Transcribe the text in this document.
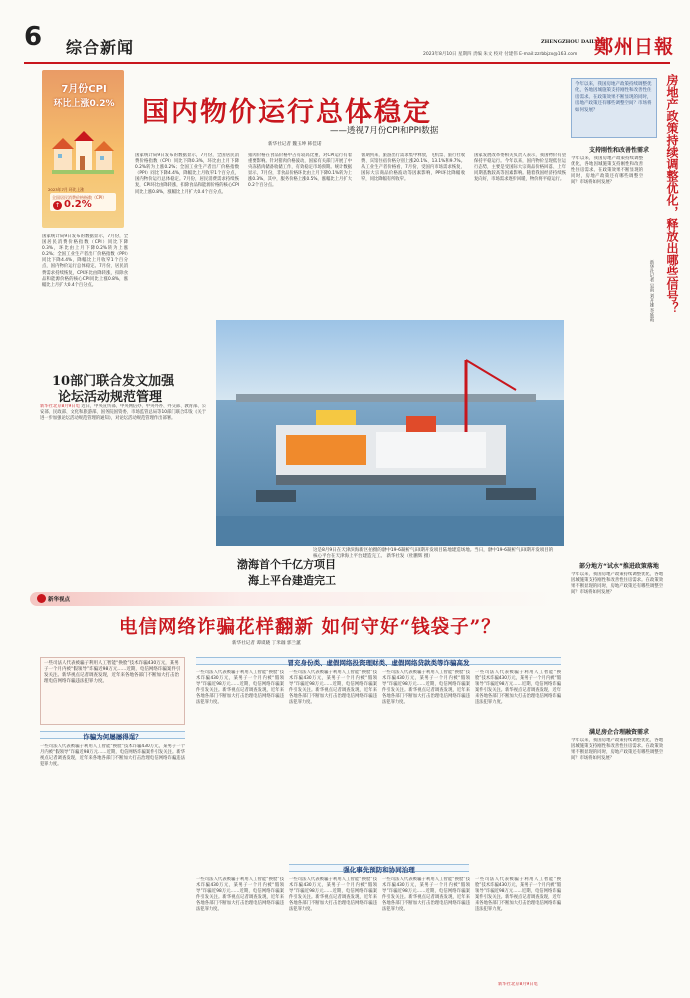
6 综合新闻	ZHENGZHOU DAILY
鄭州日報
2023年8月10日 星期四 责编 朱文 校对 付建伟 E-mail:zzrbbjzx@163.com
7月份CPI
环比上涨0.2%
2023年7月 环比上涨
全国居民消费价格指数（CPI）
↑ 0.2%
国内物价运行总体稳定
——透视7月份CPI和PPI数据
新华社记者 魏玉坤 韩佳诺
国家统计局9日发布的数据显示，7月份，全国居民消费价格指数（CPI）同比下降0.3%，环比由上月下降0.2%转为上涨0.2%；全国工业生产者出厂价格指数（PPI）同比下降4.4%，降幅比上月收窄1个百分点，国内物价运行总体稳定。7月份，居民消费需求持续恢复，CPI环比由降转涨，扣除食品和能源价格的核心CPI同比上涨0.8%，涨幅比上月扩大0.4个百分点。
猪肉价格在食品价格中占有较高比重，对CPI运行有着重要影响。针对猪肉价格波动，国家有关部门开展了中央冻猪肉储备收储工作，有效稳定市场预期。统计数据显示，7月份，非食品价格环比由上月下降0.1%转为上涨0.3%，其中，服务价格上涨0.5%，涨幅比上月扩大0.2个百分点。
暑期到来，旅游出行需求集中释放，飞机票、旅行社收费、宾馆住宿价格分别上涨20.1%、13.1%和9.7%。从工业生产者价格看，7月份，受国内市场需求恢复、国际大宗商品价格波动等因素影响，PPI环比降幅收窄，同比降幅有所收窄。
国家发展改革委相关负责人表示，我国物价有望保持平稳运行。今年以来，国内物价呈现低位运行态势，主要是受国际大宗商品价格回落、上年同期基数较高等因素影响。随着我国经济持续恢复向好，市场需求逐步回暖，物价将平稳运行。
国家统计局9日发布的数据显示，7月份，全国居民消费价格指数（CPI）同比下降0.3%，环比由上月下降0.2%转为上涨0.2%；全国工业生产者出厂价格指数（PPI）同比下降4.4%，降幅比上月收窄1个百分点，国内物价运行总体稳定。7月份，居民消费需求持续恢复，CPI环比由降转涨，扣除食品和能源价格的核心CPI同比上涨0.8%，涨幅比上月扩大0.4个百分点。	房地产政策持续调整优化，释放出哪些信号？
新华社记者 吴雨 刘开雄 李延霞
今年以来，我国房地产政策持续调整优化，各地因城施策支持刚性和改善性住房需求。在政策效果不断显现的同时，房地产政策还有哪些调整空间？市场将如何发展？
支持刚性和改善性需求
今年以来，我国房地产政策持续调整优化，各地因城施策支持刚性和改善性住房需求。在政策效果不断显现的同时，房地产政策还有哪些调整空间？市场将如何发展？
部分地方“试水”推进政策落地
今年以来，我国房地产政策持续调整优化，各地因城施策支持刚性和改善性住房需求。在政策效果不断显现的同时，房地产政策还有哪些调整空间？市场将如何发展？
满足房企合理融资需求
今年以来，我国房地产政策持续调整优化，各地因城施策支持刚性和改善性住房需求。在政策效果不断显现的同时，房地产政策还有哪些调整空间？市场将如何发展？
10部门联合发文加强
论坛活动规范管理
新华社北京8月9日电 近日，中央宣传部、中央网信办、中央外办、外交部、教育部、公安部、民政部、文化和旅游部、国务院国资委、市场监管总局等10部门联合印发《关于进一步加强论坛活动规范管理的通知》，对论坛活动规范管理作出部署。
渤海首个千亿方项目
海上平台建造完工
这是8月9日在天津滨海新区拍摄的渤中19-6凝析气田I期开发项目陆地建造场地。当日，渤中19-6凝析气田I期开发项目的核心平台在天津海上平台建造完工。 新华社发（杜鹏辉 摄）
新华视点
电信网络诈骗花样翻新 如何守好“钱袋子”？
新华社记者 谭谟晓 丁米珈 郭兰蕙
一些司法人代表被骗子利用人工智能“换脸”技术诈骗430万元，某男子一个月内被“假领导”诈骗近98万元……近期，电信网络诈骗案件引发关注。新华视点记者调查发现，近年来各地各部门不断加大打击治理电信网络诈骗违法犯罪力度。
诈骗为何屡屡得逞？
一些司法人代表被骗子利用人工智能“换脸”技术诈骗430万元，某男子一个月内被“假领导”诈骗近98万元……近期，电信网络诈骗案件引发关注。新华视点记者调查发现，近年来各地各部门不断加大打击治理电信网络诈骗违法犯罪力度。
冒充身份类、虚假网络投资理财类、虚假网络贷款类等诈骗高发
一些司法人代表被骗子利用人工智能“换脸”技术诈骗430万元，某男子一个月内被“假领导”诈骗近98万元……近期，电信网络诈骗案件引发关注。新华视点记者调查发现，近年来各地各部门不断加大打击治理电信网络诈骗违法犯罪力度。
一些司法人代表被骗子利用人工智能“换脸”技术诈骗430万元，某男子一个月内被“假领导”诈骗近98万元……近期，电信网络诈骗案件引发关注。新华视点记者调查发现，近年来各地各部门不断加大打击治理电信网络诈骗违法犯罪力度。
一些司法人代表被骗子利用人工智能“换脸”技术诈骗430万元，某男子一个月内被“假领导”诈骗近98万元……近期，电信网络诈骗案件引发关注。新华视点记者调查发现，近年来各地各部门不断加大打击治理电信网络诈骗违法犯罪力度。
一些司法人代表被骗子利用人工智能“换脸”技术诈骗430万元，某男子一个月内被“假领导”诈骗近98万元……近期，电信网络诈骗案件引发关注。新华视点记者调查发现，近年来各地各部门不断加大打击治理电信网络诈骗违法犯罪力度。
强化事先预防和协同治理
一些司法人代表被骗子利用人工智能“换脸”技术诈骗430万元，某男子一个月内被“假领导”诈骗近98万元……近期，电信网络诈骗案件引发关注。新华视点记者调查发现，近年来各地各部门不断加大打击治理电信网络诈骗违法犯罪力度。
一些司法人代表被骗子利用人工智能“换脸”技术诈骗430万元，某男子一个月内被“假领导”诈骗近98万元……近期，电信网络诈骗案件引发关注。新华视点记者调查发现，近年来各地各部门不断加大打击治理电信网络诈骗违法犯罪力度。
一些司法人代表被骗子利用人工智能“换脸”技术诈骗430万元，某男子一个月内被“假领导”诈骗近98万元……近期，电信网络诈骗案件引发关注。新华视点记者调查发现，近年来各地各部门不断加大打击治理电信网络诈骗违法犯罪力度。
一些司法人代表被骗子利用人工智能“换脸”技术诈骗430万元，某男子一个月内被“假领导”诈骗近98万元……近期，电信网络诈骗案件引发关注。新华视点记者调查发现，近年来各地各部门不断加大打击治理电信网络诈骗违法犯罪力度。
新华社北京8月9日电
